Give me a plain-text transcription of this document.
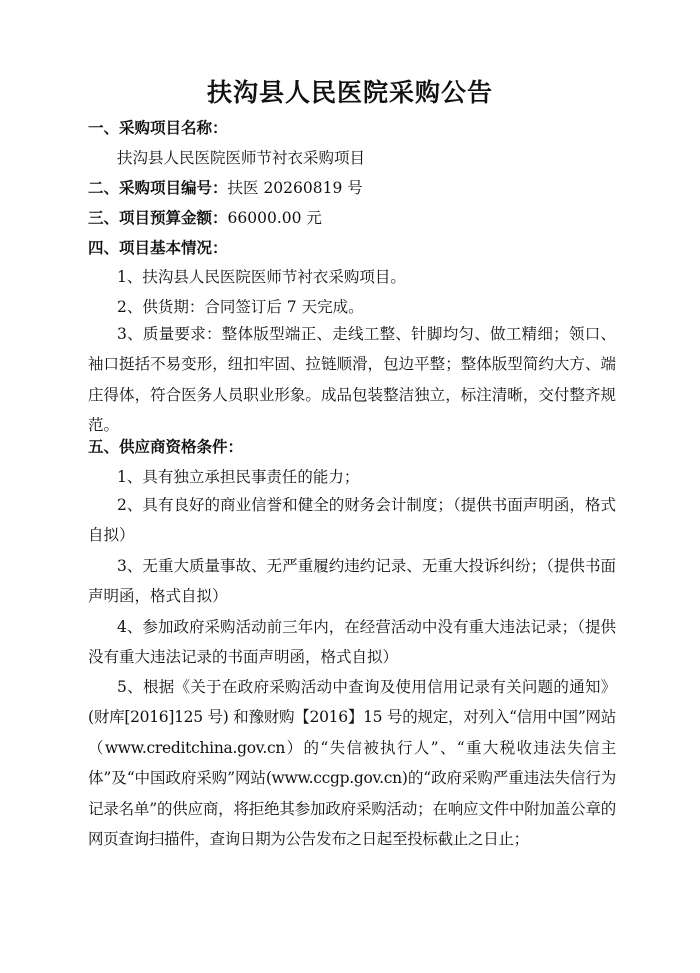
扶沟县人民医院采购公告
一、采购项目名称：
扶沟县人民医院医师节衬衣采购项目
二、采购项目编号：扶医 20260819 号
三、项目预算金额：66000.00 元
四、项目基本情况：
1、扶沟县人民医院医师节衬衣采购项目。
2、供货期：合同签订后 7 天完成。
3、质量要求：整体版型端正、走线工整、针脚均匀、做工精细；领口、袖口挺括不易变形，纽扣牢固、拉链顺滑，包边平整；整体版型简约大方、端庄得体，符合医务人员职业形象。成品包装整洁独立，标注清晰，交付整齐规范。
五、供应商资格条件：
1、具有独立承担民事责任的能力；
2、具有良好的商业信誉和健全的财务会计制度；（提供书面声明函，格式自拟）
3、无重大质量事故、无严重履约违约记录、无重大投诉纠纷；（提供书面声明函，格式自拟）
4、参加政府采购活动前三年内，在经营活动中没有重大违法记录；（提供没有重大违法记录的书面声明函，格式自拟）
5、根据《关于在政府采购活动中查询及使用信用记录有关问题的通知》(财库[2016]125 号) 和豫财购【2016】15 号的规定，对列入“信用中国”网站（www.creditchina.gov.cn）的“失信被执行人”、“重大税收违法失信主体”及“中国政府采购”网站(www.ccgp.gov.cn)的“政府采购严重违法失信行为记录名单”的供应商，将拒绝其参加政府采购活动；在响应文件中附加盖公章的网页查询扫描件，查询日期为公告发布之日起至投标截止之日止；
